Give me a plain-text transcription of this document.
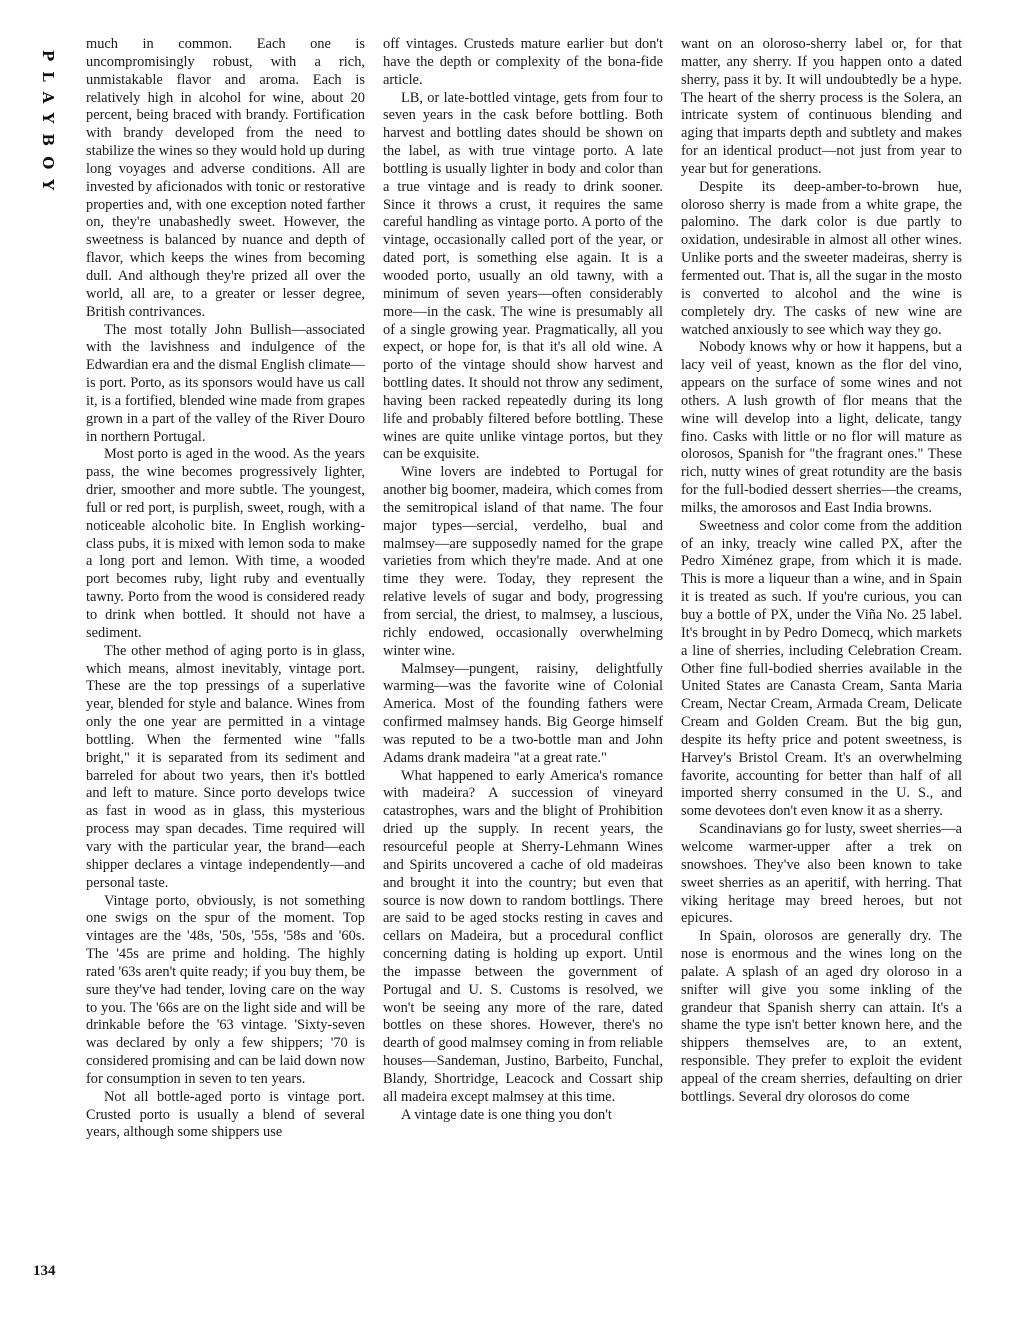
PLAYBOY

much in common. Each one is uncompromisingly robust, with a rich, unmistakable flavor and aroma. Each is relatively high in alcohol for wine, about 20 percent, being braced with brandy. Fortification with brandy developed from the need to stabilize the wines so they would hold up during long voyages and adverse conditions. All are invested by aficionados with tonic or restorative properties and, with one exception noted farther on, they're unabashedly sweet. However, the sweetness is balanced by nuance and depth of flavor, which keeps the wines from becoming dull. And although they're prized all over the world, all are, to a greater or lesser degree, British contrivances.

The most totally John Bullish—associated with the lavishness and indulgence of the Edwardian era and the dismal English climate—is port. Porto, as its sponsors would have us call it, is a fortified, blended wine made from grapes grown in a part of the valley of the River Douro in northern Portugal.

Most porto is aged in the wood. As the years pass, the wine becomes progressively lighter, drier, smoother and more subtle. The youngest, full or red port, is purplish, sweet, rough, with a noticeable alcoholic bite. In English working-class pubs, it is mixed with lemon soda to make a long port and lemon. With time, a wooded port becomes ruby, light ruby and eventually tawny. Porto from the wood is considered ready to drink when bottled. It should not have a sediment.

The other method of aging porto is in glass, which means, almost inevitably, vintage port. These are the top pressings of a superlative year, blended for style and balance. Wines from only the one year are permitted in a vintage bottling. When the fermented wine "falls bright," it is separated from its sediment and barreled for about two years, then it's bottled and left to mature. Since porto develops twice as fast in wood as in glass, this mysterious process may span decades. Time required will vary with the particular year, the brand—each shipper declares a vintage independently—and personal taste.

Vintage porto, obviously, is not something one swigs on the spur of the moment. Top vintages are the '48s, '50s, '55s, '58s and '60s. The '45s are prime and holding. The highly rated '63s aren't quite ready; if you buy them, be sure they've had tender, loving care on the way to you. The '66s are on the light side and will be drinkable before the '63 vintage. 'Sixty-seven was declared by only a few shippers; '70 is considered promising and can be laid down now for consumption in seven to ten years.

Not all bottle-aged porto is vintage port. Crusted porto is usually a blend of several years, although some shippers use

off vintages. Crusteds mature earlier but don't have the depth or complexity of the bona-fide article.

LB, or late-bottled vintage, gets from four to seven years in the cask before bottling. Both harvest and bottling dates should be shown on the label, as with true vintage porto. A late bottling is usually lighter in body and color than a true vintage and is ready to drink sooner. Since it throws a crust, it requires the same careful handling as vintage porto. A porto of the vintage, occasionally called port of the year, or dated port, is something else again. It is a wooded porto, usually an old tawny, with a minimum of seven years—often considerably more—in the cask. The wine is presumably all of a single growing year. Pragmatically, all you expect, or hope for, is that it's all old wine. A porto of the vintage should show harvest and bottling dates. It should not throw any sediment, having been racked repeatedly during its long life and probably filtered before bottling. These wines are quite unlike vintage portos, but they can be exquisite.

Wine lovers are indebted to Portugal for another big boomer, madeira, which comes from the semitropical island of that name. The four major types—sercial, verdelho, bual and malmsey—are supposedly named for the grape varieties from which they're made. And at one time they were. Today, they represent the relative levels of sugar and body, progressing from sercial, the driest, to malmsey, a luscious, richly endowed, occasionally overwhelming winter wine.

Malmsey—pungent, raisiny, delightfully warming—was the favorite wine of Colonial America. Most of the founding fathers were confirmed malmsey hands. Big George himself was reputed to be a two-bottle man and John Adams drank madeira "at a great rate."

What happened to early America's romance with madeira? A succession of vineyard catastrophes, wars and the blight of Prohibition dried up the supply. In recent years, the resourceful people at Sherry-Lehmann Wines and Spirits uncovered a cache of old madeiras and brought it into the country; but even that source is now down to random bottlings. There are said to be aged stocks resting in caves and cellars on Madeira, but a procedural conflict concerning dating is holding up export. Until the impasse between the government of Portugal and U. S. Customs is resolved, we won't be seeing any more of the rare, dated bottles on these shores. However, there's no dearth of good malmsey coming in from reliable houses—Sandeman, Justino, Barbeito, Funchal, Blandy, Shortridge, Leacock and Cossart ship all madeira except malmsey at this time.

A vintage date is one thing you don't

want on an oloroso-sherry label or, for that matter, any sherry. If you happen onto a dated sherry, pass it by. It will undoubtedly be a hype. The heart of the sherry process is the Solera, an intricate system of continuous blending and aging that imparts depth and subtlety and makes for an identical product—not just from year to year but for generations.

Despite its deep-amber-to-brown hue, oloroso sherry is made from a white grape, the palomino. The dark color is due partly to oxidation, undesirable in almost all other wines. Unlike ports and the sweeter madeiras, sherry is fermented out. That is, all the sugar in the mosto is converted to alcohol and the wine is completely dry. The casks of new wine are watched anxiously to see which way they go.

Nobody knows why or how it happens, but a lacy veil of yeast, known as the flor del vino, appears on the surface of some wines and not others. A lush growth of flor means that the wine will develop into a light, delicate, tangy fino. Casks with little or no flor will mature as olorosos, Spanish for "the fragrant ones." These rich, nutty wines of great rotundity are the basis for the full-bodied dessert sherries—the creams, milks, the amorosos and East India browns.

Sweetness and color come from the addition of an inky, treacly wine called PX, after the Pedro Ximénez grape, from which it is made. This is more a liqueur than a wine, and in Spain it is treated as such. If you're curious, you can buy a bottle of PX, under the Viña No. 25 label. It's brought in by Pedro Domecq, which markets a line of sherries, including Celebration Cream. Other fine full-bodied sherries available in the United States are Canasta Cream, Santa Maria Cream, Nectar Cream, Armada Cream, Delicate Cream and Golden Cream. But the big gun, despite its hefty price and potent sweetness, is Harvey's Bristol Cream. It's an overwhelming favorite, accounting for better than half of all imported sherry consumed in the U. S., and some devotees don't even know it as a sherry.

Scandinavians go for lusty, sweet sherries—a welcome warmer-upper after a trek on snowshoes. They've also been known to take sweet sherries as an aperitif, with herring. That viking heritage may breed heroes, but not epicures.

In Spain, olorosos are generally dry. The nose is enormous and the wines long on the palate. A splash of an aged dry oloroso in a snifter will give you some inkling of the grandeur that Spanish sherry can attain. It's a shame the type isn't better known here, and the shippers themselves are, to an extent, responsible. They prefer to exploit the evident appeal of the cream sherries, defaulting on drier bottlings. Several dry olorosos do come

134
